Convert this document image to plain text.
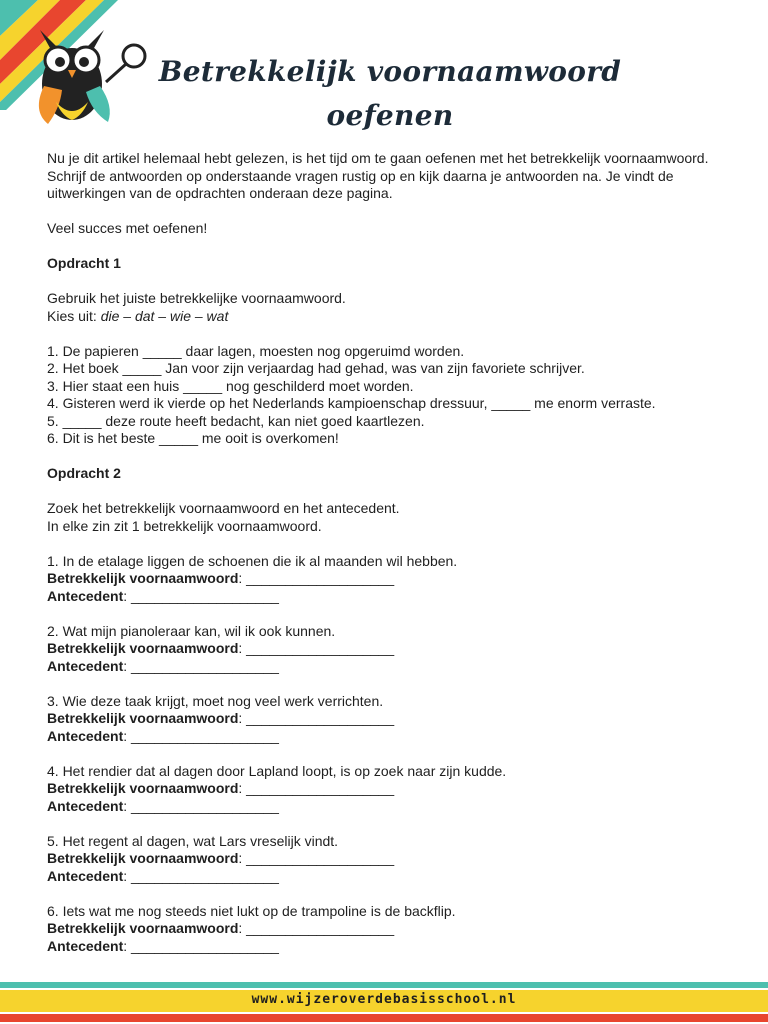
Betrekkelijk voornaamwoord
oefenen

Nu je dit artikel helemaal hebt gelezen, is het tijd om te gaan oefenen met het betrekkelijk voornaamwoord. Schrijf de antwoorden op onderstaande vragen rustig op en kijk daarna je antwoorden na. Je vindt de uitwerkingen van de opdrachten onderaan deze pagina.

Veel succes met oefenen!

Opdracht 1

Gebruik het juiste betrekkelijke voornaamwoord.

Kies uit: die – dat – wie – wat

1. De papieren _____ daar lagen, moesten nog opgeruimd worden.

2. Het boek _____ Jan voor zijn verjaardag had gehad, was van zijn favoriete schrijver.

3. Hier staat een huis _____ nog geschilderd moet worden.

4. Gisteren werd ik vierde op het Nederlands kampioenschap dressuur, _____ me enorm verraste.

5. _____ deze route heeft bedacht, kan niet goed kaartlezen.

6. Dit is het beste _____ me ooit is overkomen!

Opdracht 2

Zoek het betrekkelijk voornaamwoord en het antecedent.

In elke zin zit 1 betrekkelijk voornaamwoord.

1. In de etalage liggen de schoenen die ik al maanden wil hebben.

Betrekkelijk voornaamwoord: ___________________

Antecedent: ___________________

2. Wat mijn pianoleraar kan, wil ik ook kunnen.

Betrekkelijk voornaamwoord: ___________________

Antecedent: ___________________

3. Wie deze taak krijgt, moet nog veel werk verrichten.

Betrekkelijk voornaamwoord: ___________________

Antecedent: ___________________

4. Het rendier dat al dagen door Lapland loopt, is op zoek naar zijn kudde.

Betrekkelijk voornaamwoord: ___________________

Antecedent: ___________________

5. Het regent al dagen, wat Lars vreselijk vindt.

Betrekkelijk voornaamwoord: ___________________

Antecedent: ___________________

6. Iets wat me nog steeds niet lukt op de trampoline is de backflip.

Betrekkelijk voornaamwoord: ___________________

Antecedent: ___________________

www.wijzeroverdebasisschool.nl
